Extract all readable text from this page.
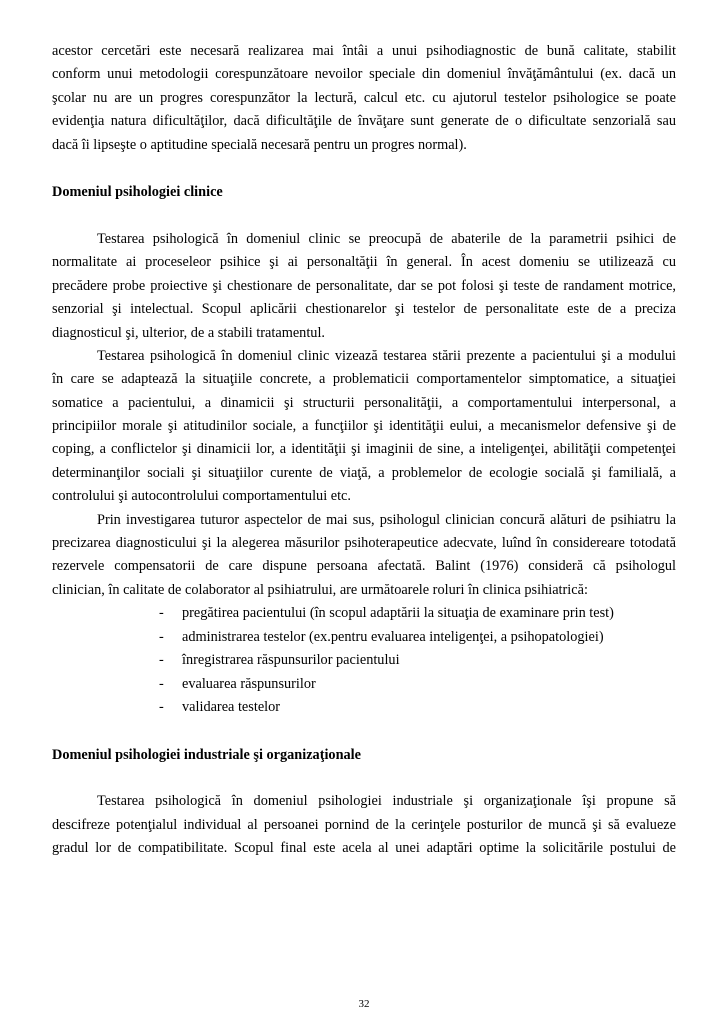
acestor cercetări este necesară realizarea mai întâi a unui psihodiagnostic de bună calitate, stabilit
conform unui metodologii corespunzătoare nevoilor speciale din domeniul învăţământului (ex. dacă un
şcolar nu are un progres corespunzător la lectură, calcul etc. cu ajutorul testelor psihologice se poate
evidenţia natura dificultăţilor, dacă dificultăţile de învăţare sunt generate de o dificultate senzorială sau
dacă îi lipseşte o aptitudine specială necesară pentru un progres normal).
Domeniul psihologiei clinice
Testarea psihologică în domeniul clinic se preocupă de abaterile de la parametrii psihici de
normalitate ai proceseleor psihice şi ai personaltăţii în general. În acest domeniu se utilizează cu
precădere probe proiective şi chestionare de personalitate, dar se pot folosi şi teste de randament motrice,
senzorial şi intelectual. Scopul aplicării chestionarelor şi testelor de personalitate este de a preciza
diagnosticul şi, ulterior, de a stabili tratamentul.
Testarea psihologică în domeniul clinic vizează testarea stării prezente a pacientului şi a modului
în care se adaptează la situaţiile concrete, a problematicii comportamentelor simptomatice, a situaţiei
somatice a pacientului, a dinamicii şi structurii personalităţii, a comportamentului interpersonal, a
principiilor morale şi atitudinilor sociale, a funcţiilor şi identităţii eului, a mecanismelor defensive şi de
coping, a conflictelor şi dinamicii lor, a identităţii şi imaginii de sine, a inteligenţei, abilităţii competenţei
determinanţilor sociali şi situaţiilor curente de viaţă, a problemelor de ecologie socială şi familială, a
controlului şi autocontrolului comportamentului etc.
Prin investigarea tuturor aspectelor de mai sus, psihologul clinician concură alături de psihiatru la
precizarea diagnosticului şi la alegerea măsurilor psihoterapeutice adecvate, luînd în considereare totodată
rezervele compensatorii de care dispune persoana afectată. Balint (1976) consideră că psihologul
clinician, în calitate de colaborator al psihiatrului, are următoarele roluri în clinica psihiatrică:
-	pregătirea pacientului (în scopul adaptării la situaţia de examinare prin test)
-	administrarea testelor (ex.pentru evaluarea inteligenţei, a psihopatologiei)
-	înregistrarea răspunsurilor pacientului
-	evaluarea răspunsurilor
-	validarea testelor
Domeniul psihologiei industriale şi organizaţionale
Testarea psihologică în domeniul psihologiei industriale şi organizaţionale îşi propune să
descifreze potenţialul individual al persoanei pornind de la cerinţele posturilor de muncă şi să evalueze
gradul lor de compatibilitate. Scopul final este acela al unei adaptări optime la solicitările postului de
32
